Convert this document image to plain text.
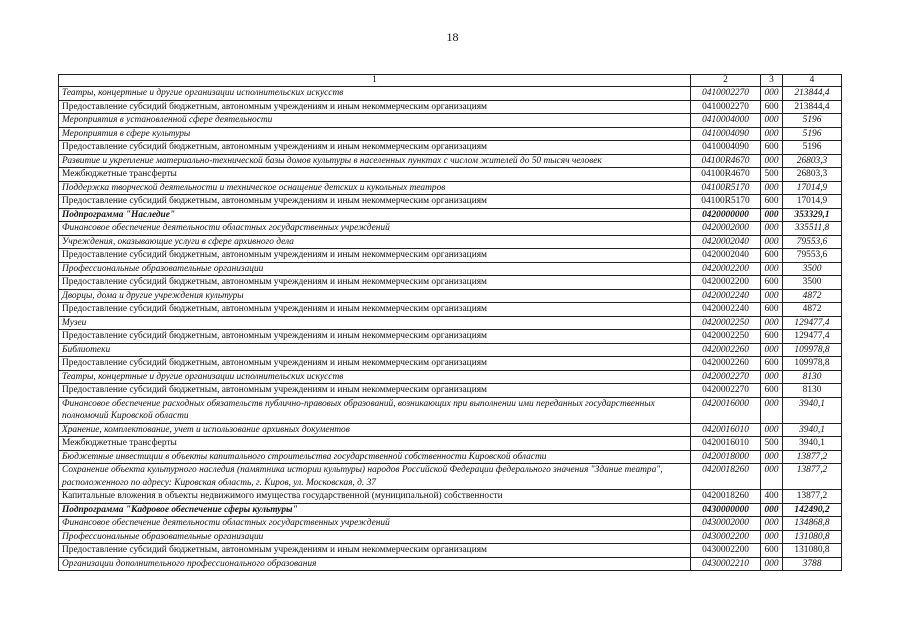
18
1	2	3	4
Театры, концертные и другие организации исполнительских искусств	0410002270	000	213844,4
Предоставление субсидий бюджетным, автономным учреждениям и иным некоммерческим организациям	0410002270	600	213844,4
Мероприятия в установленной сфере деятельности	0410004000	000	5196
Мероприятия в сфере культуры	0410004090	000	5196
Предоставление субсидий бюджетным, автономным учреждениям и иным некоммерческим организациям	0410004090	600	5196
Развитие и укрепление материально-технической базы домов культуры в населенных пунктах с числом жителей до 50 тысяч человек	04100R4670	000	26803,3
Межбюджетные трансферты	04100R4670	500	26803,3
Поддержка творческой деятельности и техническое оснащение детских и кукольных театров	04100R5170	000	17014,9
Предоставление субсидий бюджетным, автономным учреждениям и иным некоммерческим организациям	04100R5170	600	17014,9
Подпрограмма "Наследие"	0420000000	000	353329,1
Финансовое обеспечение деятельности областных государственных учреждений	0420002000	000	335511,8
Учреждения, оказывающие услуги в сфере архивного дела	0420002040	000	79553,6
Предоставление субсидий бюджетным, автономным учреждениям и иным некоммерческим организациям	0420002040	600	79553,6
Профессиональные образовательные организации	0420002200	000	3500
Предоставление субсидий бюджетным, автономным учреждениям и иным некоммерческим организациям	0420002200	600	3500
Дворцы, дома и другие учреждения культуры	0420002240	000	4872
Предоставление субсидий бюджетным, автономным учреждениям и иным некоммерческим организациям	0420002240	600	4872
Музеи	0420002250	000	129477,4
Предоставление субсидий бюджетным, автономным учреждениям и иным некоммерческим организациям	0420002250	600	129477,4
Библиотеки	0420002260	000	109978,8
Предоставление субсидий бюджетным, автономным учреждениям и иным некоммерческим организациям	0420002260	600	109978,8
Театры, концертные и другие организации исполнительских искусств	0420002270	000	8130
Предоставление субсидий бюджетным, автономным учреждениям и иным некоммерческим организациям	0420002270	600	8130
Финансовое обеспечение расходных обязательств публично-правовых образований, возникающих при выполнении ими переданных государственных полномочий Кировской области	0420016000	000	3940,1
Хранение, комплектование, учет и использование архивных документов	0420016010	000	3940,1
Межбюджетные трансферты	0420016010	500	3940,1
Бюджетные инвестиции в объекты капитального строительства государственной собственности Кировской области	0420018000	000	13877,2
Сохранение объекта культурного наследия (памятника истории культуры) народов Российской Федерации федерального значения "Здание театра", расположенного по адресу: Кировская область, г. Киров, ул. Московская, д. 37	0420018260	000	13877,2
Капитальные вложения в объекты недвижимого имущества государственной (муниципальной) собственности	0420018260	400	13877,2
Подпрограмма "Кадровое обеспечение сферы культуры"	0430000000	000	142490,2
Финансовое обеспечение деятельности областных государственных учреждений	0430002000	000	134868,8
Профессиональные образовательные организации	0430002200	000	131080,8
Предоставление субсидий бюджетным, автономным учреждениям и иным некоммерческим организациям	0430002200	600	131080,8
Организации дополнительного профессионального образования	0430002210	000	3788
